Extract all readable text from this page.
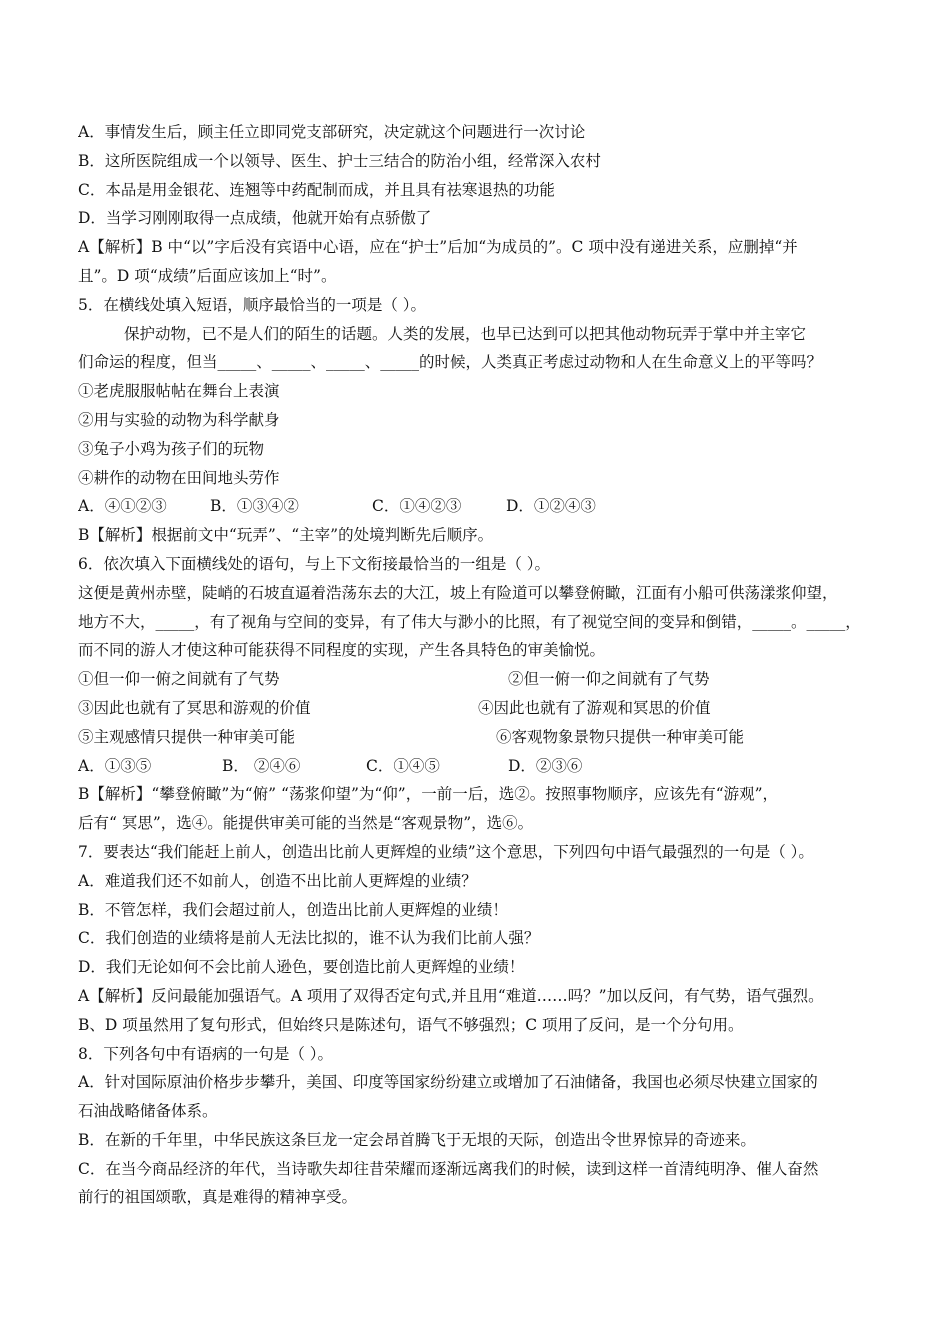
A．事情发生后，顾主任立即同党支部研究，决定就这个问题进行一次讨论
B．这所医院组成一个以领导、医生、护士三结合的防治小组，经常深入农村
C．本品是用金银花、连翘等中药配制而成，并且具有祛寒退热的功能
D．当学习刚刚取得一点成绩，他就开始有点骄傲了
A【解析】B 中“以”字后没有宾语中心语，应在“护士”后加“为成员的”。C 项中没有递进关系，应删掉“并
且”。D 项“成绩”后面应该加上“时”。
5．在横线处填入短语，顺序最恰当的一项是（ ）。
保护动物，已不是人们的陌生的话题。人类的发展，也早已达到可以把其他动物玩弄于掌中并主宰它
们命运的程度，但当_____、_____、_____、_____的时候，人类真正考虑过动物和人在生命意义上的平等吗？
①老虎服服帖帖在舞台上表演
②用与实验的动物为科学献身
③兔子小鸡为孩子们的玩物
④耕作的动物在田间地头劳作
A．④①②③	B．①③④②	C．①④②③	D．①②④③
B【解析】根据前文中“玩弄”、“主宰”的处境判断先后顺序。
6．依次填入下面横线处的语句，与上下文衔接最恰当的一组是（ ）。
这便是黄州赤壁，陡峭的石坡直逼着浩荡东去的大江，坡上有险道可以攀登俯瞰，江面有小船可供荡漾浆仰望，
地方不大，_____，有了视角与空间的变异，有了伟大与渺小的比照，有了视觉空间的变异和倒错，_____。_____，
而不同的游人才使这种可能获得不同程度的实现，产生各具特色的审美愉悦。
①但一仰一俯之间就有了气势	②但一俯一仰之间就有了气势
③因此也就有了冥思和游观的价值	④因此也就有了游观和冥思的价值
⑤主观感情只提供一种审美可能	⑥客观物象景物只提供一种审美可能
A．①③⑤	B． ②④⑥	C．①④⑤	D．②③⑥
B【解析】“攀登俯瞰”为“俯” “荡浆仰望”为“仰”，一前一后，选②。按照事物顺序，应该先有“游观”，
后有“ 冥思”，选④。能提供审美可能的当然是“客观景物”，选⑥。
7．要表达“我们能赶上前人，创造出比前人更辉煌的业绩”这个意思，下列四句中语气最强烈的一句是（ ）。
A．难道我们还不如前人，创造不出比前人更辉煌的业绩？
B．不管怎样，我们会超过前人，创造出比前人更辉煌的业绩！
C．我们创造的业绩将是前人无法比拟的，谁不认为我们比前人强？
D．我们无论如何不会比前人逊色，要创造比前人更辉煌的业绩！
A【解析】反问最能加强语气。A 项用了双得否定句式,并且用“难道……吗？”加以反问，有气势，语气强烈。
B、D 项虽然用了复句形式，但始终只是陈述句，语气不够强烈；C 项用了反问，是一个分句用。
8．下列各句中有语病的一句是（ ）。
A．针对国际原油价格步步攀升，美国、印度等国家纷纷建立或增加了石油储备，我国也必须尽快建立国家的
石油战略储备体系。
B．在新的千年里，中华民族这条巨龙一定会昂首腾飞于无垠的天际，创造出令世界惊异的奇迹来。
C．在当今商品经济的年代，当诗歌失却往昔荣耀而逐渐远离我们的时候，读到这样一首清纯明净、催人奋然
前行的祖国颂歌，真是难得的精神享受。
